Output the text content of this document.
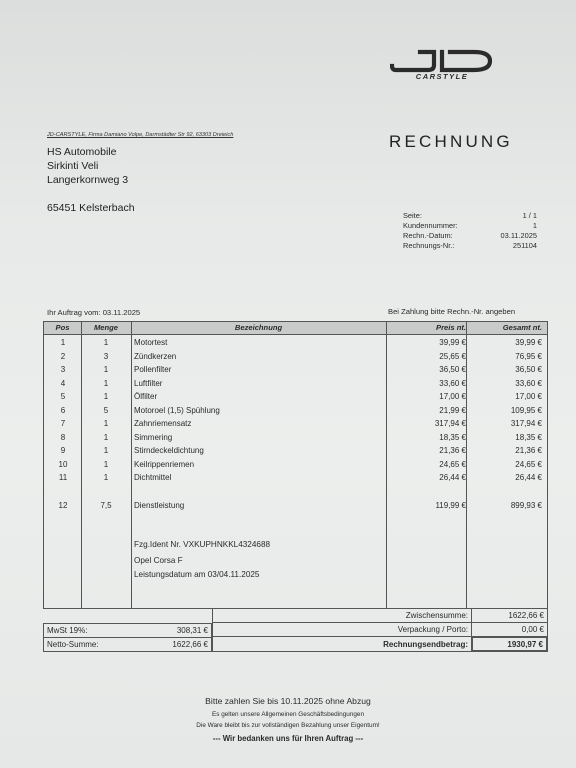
CARSTYLE
JD-CARSTYLE, Firma Damiano Volpe, Darmstädter Str 92, 63303 Dreieich
HS Automobile
Sirkinti Veli
Langerkornweg 3
65451 Kelsterbach
RECHNUNG
Seite:	1 / 1
Kundennummer:	1
Rechn.-Datum:	03.11.2025
Rechnungs-Nr.:	251104
Ihr Auftrag vom: 03.11.2025	Bei Zahlung bitte Rechn.-Nr. angeben
Pos	Menge	Bezeichnung	Preis nt.	Gesamt nt.
1	1	Motortest	39,99 €	39,99 €
2	3	Zündkerzen	25,65 €	76,95 €
3	1	Pollenfilter	36,50 €	36,50 €
4	1	Luftfilter	33,60 €	33,60 €
5	1	Ölfilter	17,00 €	17,00 €
6	5	Motoroel (1,5) Spühlung	21,99 €	109,95 €
7	1	Zahnriemensatz	317,94 €	317,94 €
8	1	Simmering	18,35 €	18,35 €
9	1	Stirndeckeldichtung	21,36 €	21,36 €
10	1	Keilrippenriemen	24,65 €	24,65 €
11	1	Dichtmittel	26,44 €	26,44 €
12	7,5	Dienstleistung	119,99 €	899,93 €
Fzg.Ident Nr. VXKUPHNKKL4324688
Opel Corsa F
Leistungsdatum am 03/04.11.2025
MwSt 19%:	308,31 €
Netto-Summe:	1622,66 €
Zwischensumme:	1622,66 €
Verpackung / Porto:	0,00 €
Rechnungsendbetrag:	1930,97 €
Bitte zahlen Sie bis 10.11.2025 ohne Abzug
Es gelten unsere Allgemeinen Geschäftsbedingungen
Die Ware bleibt bis zur vollständigen Bezahlung unser Eigentum!
--- Wir bedanken uns für Ihren Auftrag ---
